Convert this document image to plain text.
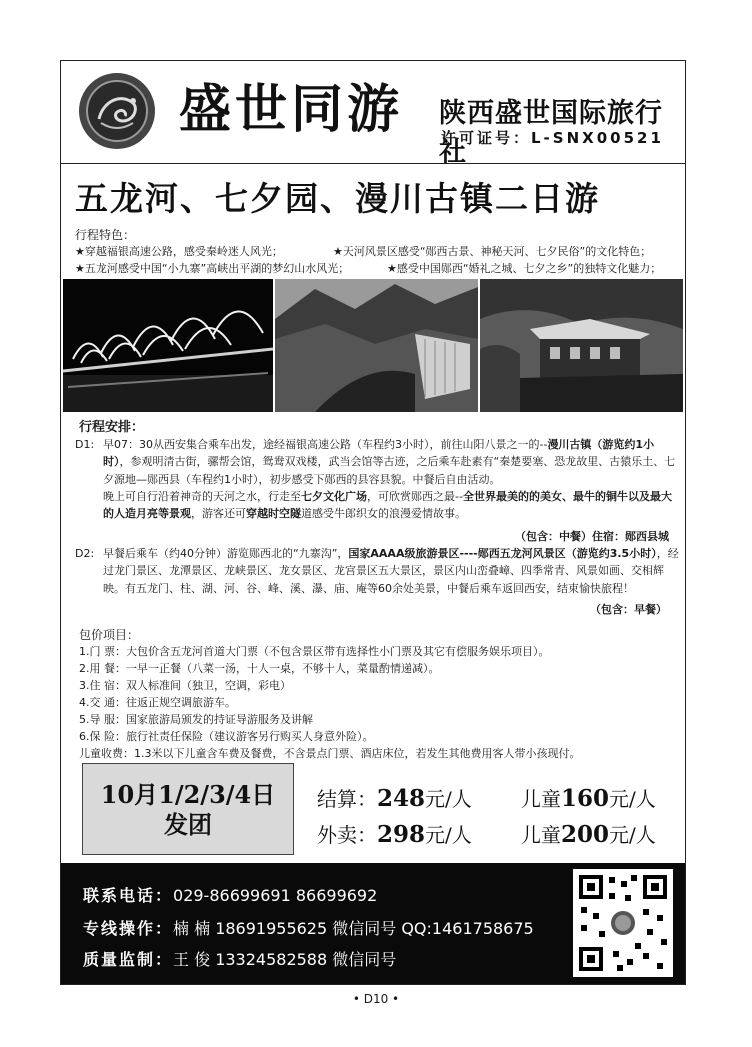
盛世同游 陕西盛世国际旅行社
许可证号：L-SNX00521
五龙河、七夕园、漫川古镇二日游
行程特色：
★穿越福银高速公路，感受秦岭迷人风光；	★天河风景区感受“郧西古景、神秘天河、七夕民俗”的文化特色；
★五龙河感受中国“小九寨”高峡出平湖的梦幻山水风光；	★感受中国郧西“婚礼之城、七夕之乡”的独特文化魅力；
行程安排：
D1: 早07：30从西安集合乘车出发，途经福银高速公路（车程约3小时），前往山阳八景之一的--漫川古镇（游览约1小时），参观明清古街，骡帮会馆，鸳鸯双戏楼，武当会馆等古迹，之后乘车赴素有“秦楚要塞、恐龙故里、古猿乐土、七夕源地—郧西县（车程约1小时），初步感受下郧西的县容县貌。中餐后自由活动。
晚上可自行沿着神奇的天河之水，行走至七夕文化广场，可欣赏郧西之最--全世界最美的的美女、最牛的铜牛以及最大的人造月亮等景观，游客还可穿越时空隧道感受牛郎织女的浪漫爱情故事。
（包含：中餐）住宿：郧西县城
D2: 早餐后乘车（约40分钟）游览郧西北的“九寨沟”，国家AAAA级旅游景区----郧西五龙河风景区（游览约3.5小时），经过龙门景区、龙潭景区、龙峡景区、龙女景区、龙宫景区五大景区，景区内山峦叠嶂、四季常青、风景如画、交相辉映。有五龙门、柱、湖、河、谷、峰、溪、瀑、庙、庵等60余处美景，中餐后乘车返回西安，结束愉快旅程！
（包含：早餐）
包价项目：
1.门 票：大包价含五龙河首道大门票（不包含景区带有选择性小门票及其它有偿服务娱乐项目）。
2.用 餐：一早一正餐（八菜一汤，十人一桌，不够十人，菜量酌情递减）。
3.住 宿：双人标准间（独卫，空调，彩电）
4.交 通：往返正规空调旅游车。
5.导 服：国家旅游局颁发的持证导游服务及讲解
6.保 险：旅行社责任保险（建议游客另行购买人身意外险）。
儿童收费：1.3米以下儿童含车费及餐费，不含景点门票、酒店床位，若发生其他费用客人带小孩现付。
10月1/2/3/4日
发团
结算：248元/人
外卖：298元/人
儿童160元/人
儿童200元/人
联系电话：029-86699691 86699692
专线操作：楠 楠 18691955625 微信同号 QQ:1461758675
质量监制：王 俊 13324582588 微信同号
• D10 •
